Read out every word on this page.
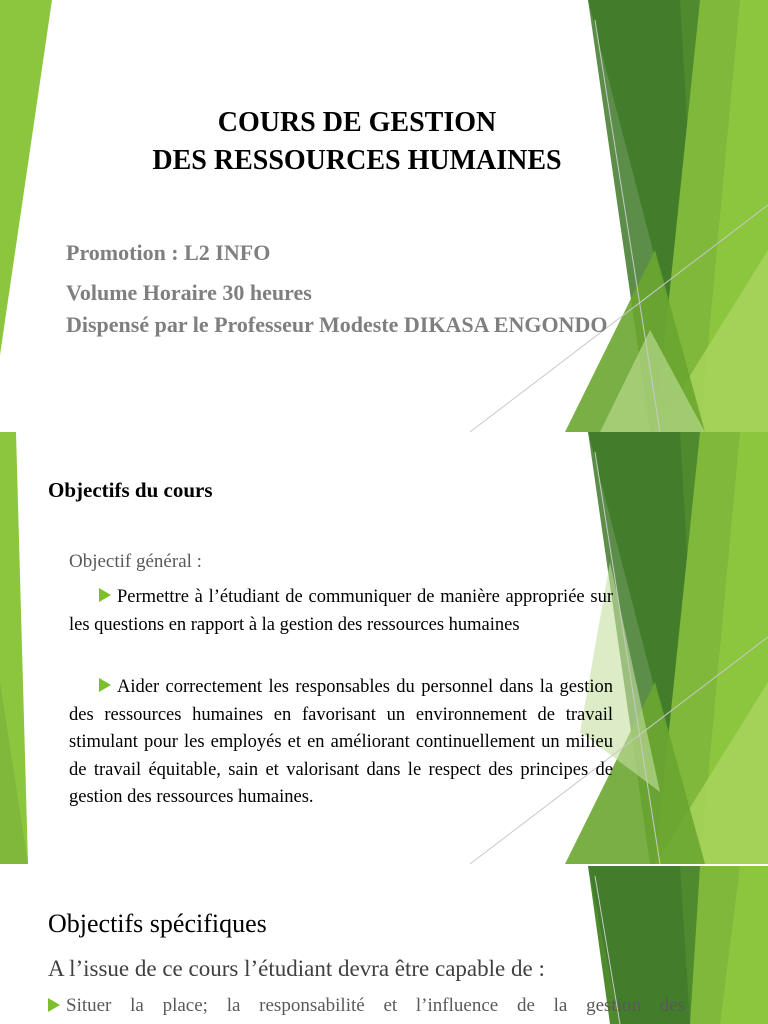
COURS DE GESTION
DES RESSOURCES HUMAINES
Promotion : L2 INFO
Volume Horaire 30 heures
Dispensé par le Professeur Modeste DIKASA ENGONDO
Objectifs du cours
Objectif général :
Permettre à l’étudiant de communiquer de manière appropriée sur les questions en rapport à la gestion des ressources humaines
Aider correctement les responsables du personnel dans la gestion des ressources humaines en favorisant un environnement de travail stimulant pour les employés et en améliorant continuellement un milieu de travail équitable, sain et valorisant dans le respect des principes de gestion des ressources humaines.
Objectifs spécifiques
A l’issue de ce cours l’étudiant devra être capable de :
Situer la place; la responsabilité et l’influence de la gestion des
